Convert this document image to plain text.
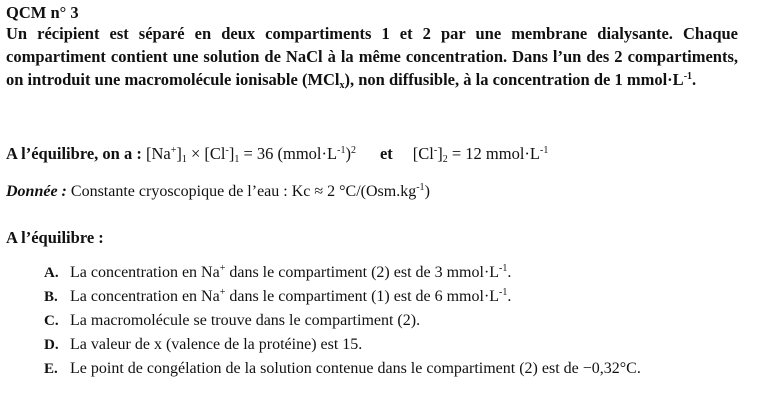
QCM n° 3
Un récipient est séparé en deux compartiments 1 et 2 par une membrane dialysante. Chaque compartiment contient une solution de NaCl à la même concentration. Dans l’un des 2 compartiments, on introduit une macromolécule ionisable (MCl$_x$), non diffusible, à la concentration de 1 $mmol\cdot L^{-1}$.
A l’équilibre, on a : $[Na^+]_1 \times [Cl^-]_1 = 36$ $(mmol\cdot L^{-1})^2$ et $[Cl^-]_2 = 12$ $mmol\cdot L^{-1}$
Donnée : Constante cryoscopique de l’eau : Kc ≈ 2 $^\circ C/(Osm.kg^{-1})$
A l’équilibre :
A. La concentration en Na+ dans le compartiment (2) est de 3 $mmol\cdot L^{-1}$.
B. La concentration en Na+ dans le compartiment (1) est de 6 $mmol\cdot L^{-1}$.
C. La macromolécule se trouve dans le compartiment (2).
D. La valeur de x (valence de la protéine) est 15.
E. Le point de congélation de la solution contenue dans le compartiment (2) est de −0,32°C.
